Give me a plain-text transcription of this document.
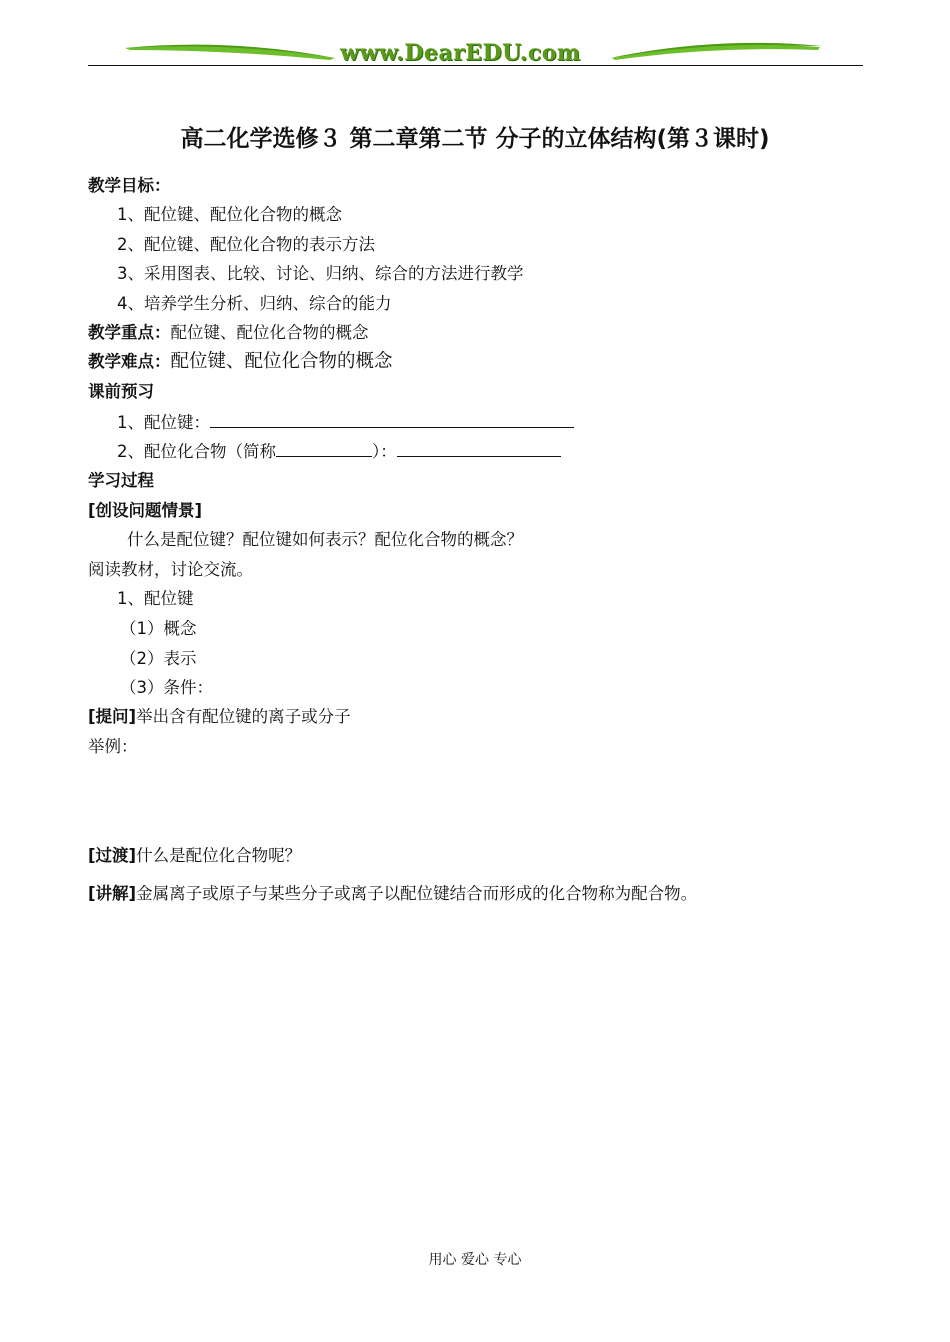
www.DearEDU.com
高二化学选修３ 第二章第二节 分子的立体结构(第３课时)
教学目标：
1、配位键、配位化合物的概念
2、配位键、配位化合物的表示方法
3、采用图表、比较、讨论、归纳、综合的方法进行教学
4、培养学生分析、归纳、综合的能力
教学重点：配位键、配位化合物的概念
教学难点：配位键、配位化合物的概念
课前预习
1、配位键：
2、配位化合物（简称	）：
学习过程
[创设问题情景]
什么是配位键？配位键如何表示？配位化合物的概念？
阅读教材，讨论交流。
1、配位键
（1）概念
（2）表示
（3）条件：
[提问]举出含有配位键的离子或分子
举例：
[过渡]什么是配位化合物呢？
[讲解]金属离子或原子与某些分子或离子以配位键结合而形成的化合物称为配合物。
用心 爱心 专心
